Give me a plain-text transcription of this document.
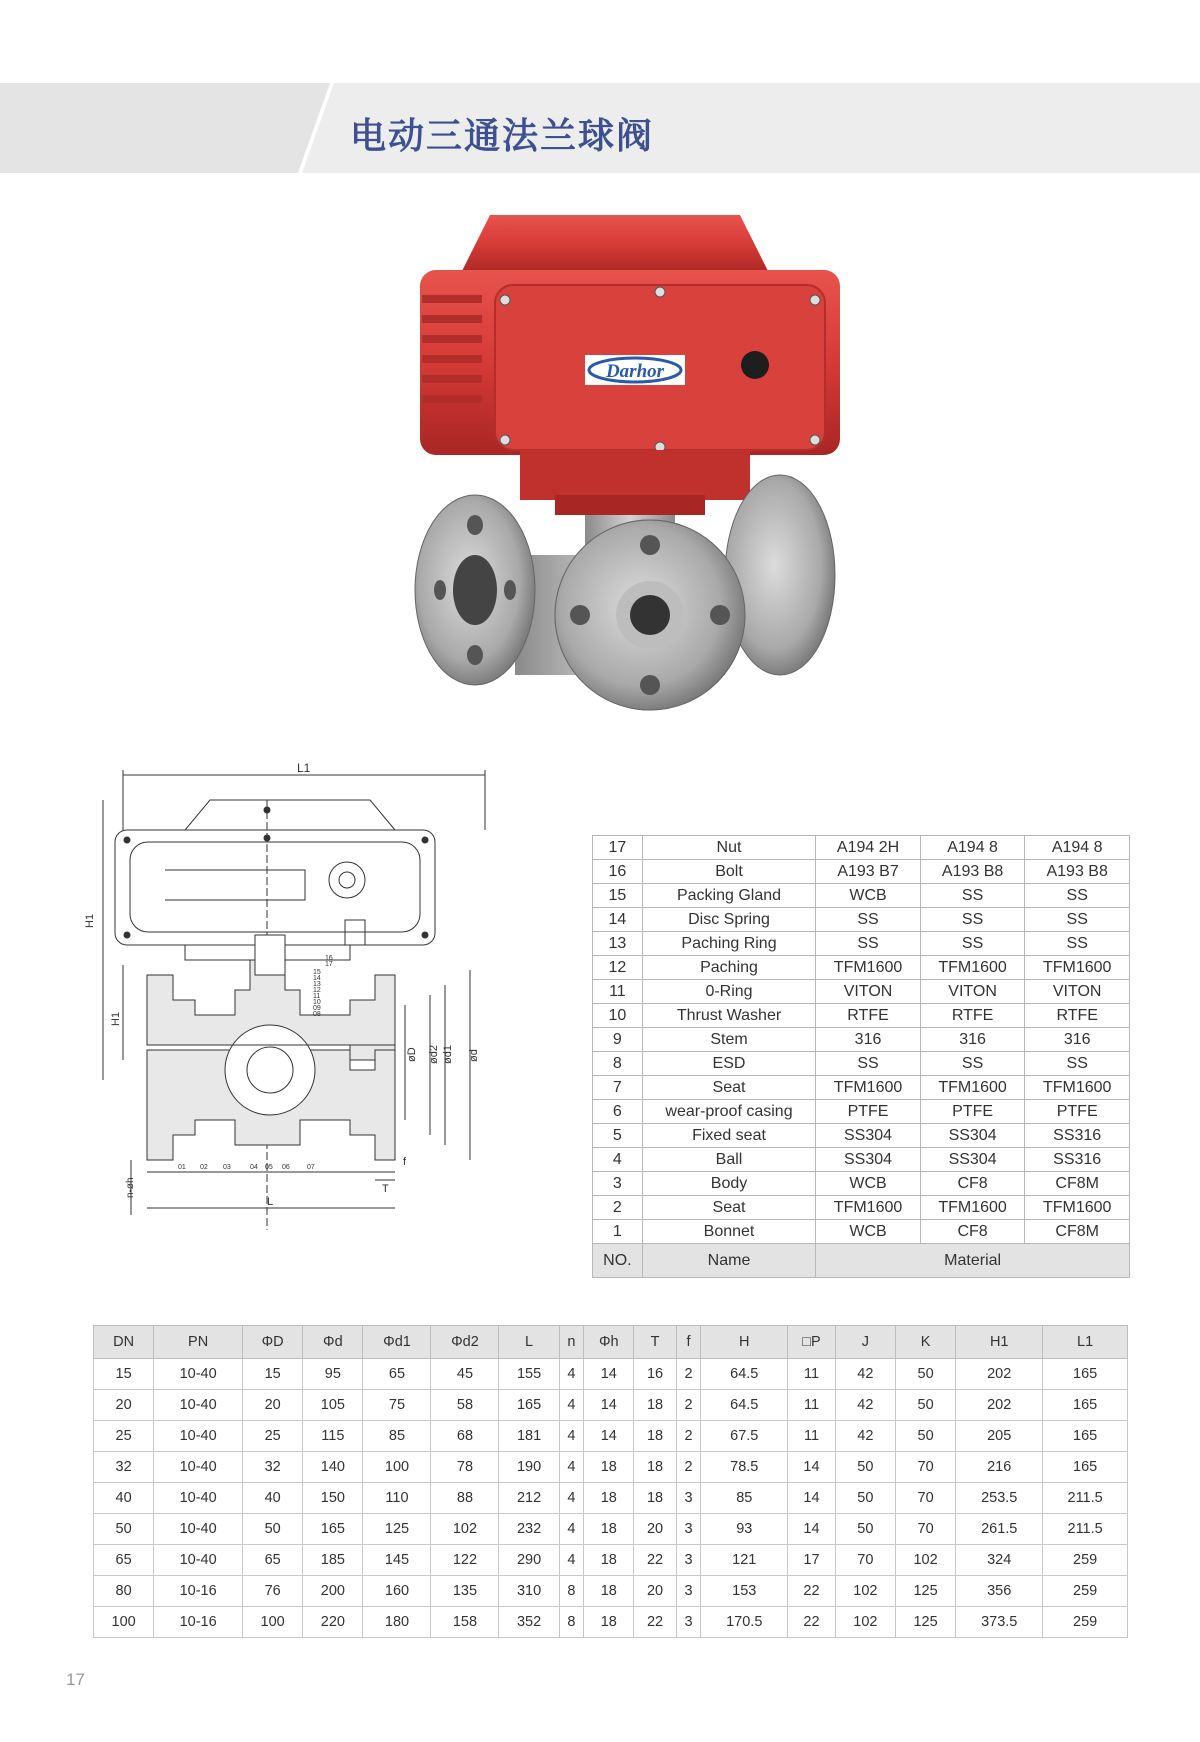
电动三通法兰球阀
Darhor
L1
H1
H1
øD ød2 ød1 ød
f
T
L
n-øh
01 02 03	04 05 06 07
08
09
10
11
12
13
14
15
16
17
17	Nut	A194 2H	A194 8	A194 8
16	Bolt	A193 B7	A193 B8	A193 B8
15	Packing Gland	WCB	SS	SS
14	Disc Spring	SS	SS	SS
13	Paching Ring	SS	SS	SS
12	Paching	TFM1600	TFM1600	TFM1600
11	0-Ring	VITON	VITON	VITON
10	Thrust Washer	RTFE	RTFE	RTFE
9	Stem	316	316	316
8	ESD	SS	SS	SS
7	Seat	TFM1600	TFM1600	TFM1600
6	wear-proof casing	PTFE	PTFE	PTFE
5	Fixed seat	SS304	SS304	SS316
4	Ball	SS304	SS304	SS316
3	Body	WCB	CF8	CF8M
2	Seat	TFM1600	TFM1600	TFM1600
1	Bonnet	WCB	CF8	CF8M
NO.	Name	Material		
DN	PN	ΦD	Φd	Φd1	Φd2	L	n	Φh	T	f	H	□P	J	K	H1	L1
15	10-40	15	95	65	45	155	4	14	16	2	64.5	11	42	50	202	165
20	10-40	20	105	75	58	165	4	14	18	2	64.5	11	42	50	202	165
25	10-40	25	115	85	68	181	4	14	18	2	67.5	11	42	50	205	165
32	10-40	32	140	100	78	190	4	18	18	2	78.5	14	50	70	216	165
40	10-40	40	150	110	88	212	4	18	18	3	85	14	50	70	253.5	211.5
50	10-40	50	165	125	102	232	4	18	20	3	93	14	50	70	261.5	211.5
65	10-40	65	185	145	122	290	4	18	22	3	121	17	70	102	324	259
80	10-16	76	200	160	135	310	8	18	20	3	153	22	102	125	356	259
100	10-16	100	220	180	158	352	8	18	22	3	170.5	22	102	125	373.5	259
17
